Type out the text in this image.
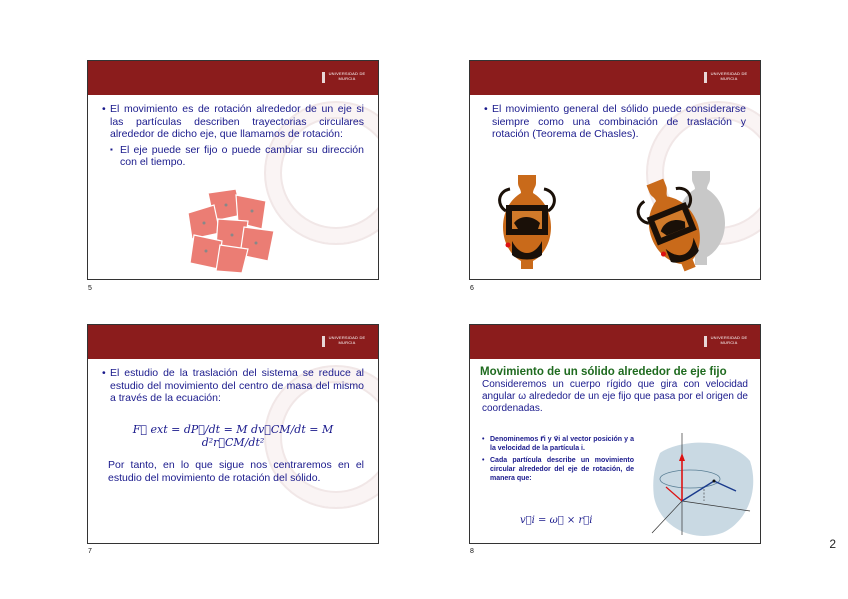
UNIVERSIDAD DE MURCIA
• El movimiento es de rotación alrededor de un eje si las partículas describen trayectorias circulares alrededor de dicho eje, que llamamos de rotación:
▪ El eje puede ser fijo o puede cambiar su dirección con el tiempo.
5
UNIVERSIDAD DE MURCIA
• El movimiento general del sólido puede considerarse siempre como una combinación de traslación y rotación (Teorema de Chasles).
6
UNIVERSIDAD DE MURCIA
• El estudio de la traslación del sistema se reduce al estudio del movimiento del centro de masa del mismo a través de la ecuación:
F⃗ ext = dP⃗/dt = M dv⃗CM/dt = M d²r⃗CM/dt²
Por tanto, en lo que sigue nos centraremos en el estudio del movimiento de rotación del sólido.
7
UNIVERSIDAD DE MURCIA
Movimiento de un sólido alrededor de eje fijo
Consideremos un cuerpo rígido que gira con velocidad angular ω alrededor de un eje fijo que pasa por el origen de coordenadas.
• Denominemos r⃗i y v⃗i al vector posición y a la velocidad de la partícula i.
• Cada partícula describe un movimiento circular alrededor del eje de rotación, de manera que:
v⃗i = ω⃗ × r⃗i
8
2
